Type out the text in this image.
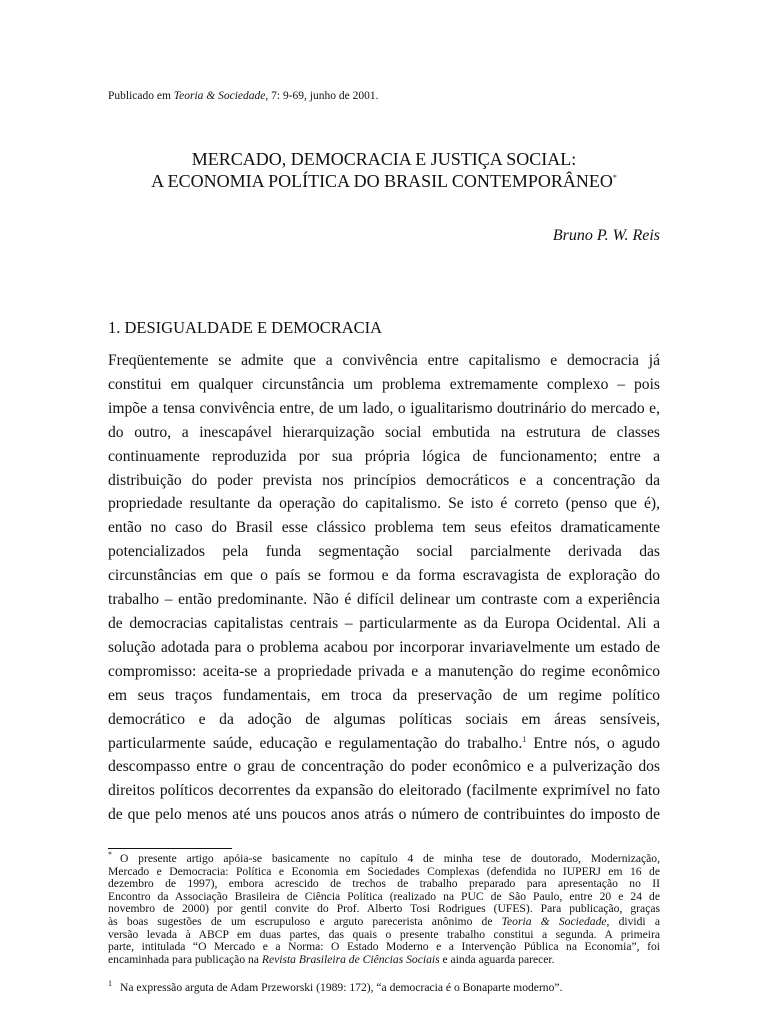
Publicado em Teoria & Sociedade, 7: 9-69, junho de 2001.
MERCADO, DEMOCRACIA E JUSTIÇA SOCIAL:
A ECONOMIA POLÍTICA DO BRASIL CONTEMPORÂNEO*
Bruno P. W. Reis
1. DESIGUALDADE E DEMOCRACIA
Freqüentemente se admite que a convivência entre capitalismo e democracia já
constitui em qualquer circunstância um problema extremamente complexo – pois
impõe a tensa convivência entre, de um lado, o igualitarismo doutrinário do mercado e,
do outro, a inescapável hierarquização social embutida na estrutura de classes
continuamente reproduzida por sua própria lógica de funcionamento; entre a
distribuição do poder prevista nos princípios democráticos e a concentração da
propriedade resultante da operação do capitalismo. Se isto é correto (penso que é),
então no caso do Brasil esse clássico problema tem seus efeitos dramaticamente
potencializados pela funda segmentação social parcialmente derivada das
circunstâncias em que o país se formou e da forma escravagista de exploração do
trabalho – então predominante. Não é difícil delinear um contraste com a experiência
de democracias capitalistas centrais – particularmente as da Europa Ocidental. Ali a
solução adotada para o problema acabou por incorporar invariavelmente um estado de
compromisso: aceita-se a propriedade privada e a manutenção do regime econômico
em seus traços fundamentais, em troca da preservação de um regime político
democrático e da adoção de algumas políticas sociais em áreas sensíveis,
particularmente saúde, educação e regulamentação do trabalho.$^1$ Entre nós, o agudo
descompasso entre o grau de concentração do poder econômico e a pulverização dos
direitos políticos decorrentes da expansão do eleitorado (facilmente exprimível no fato
de que pelo menos até uns poucos anos atrás o número de contribuintes do imposto de
* O presente artigo apóia-se basicamente no capítulo 4 de minha tese de doutorado, Modernização,
Mercado e Democracia: Política e Economia em Sociedades Complexas (defendida no IUPERJ em 16 de
dezembro de 1997), embora acrescido de trechos de trabalho preparado para apresentação no II
Encontro da Associação Brasileira de Ciência Política (realizado na PUC de São Paulo, entre 20 e 24 de
novembro de 2000) por gentil convite do Prof. Alberto Tosi Rodrigues (UFES). Para publicação, graças
às boas sugestões de um escrupuloso e arguto parecerista anônimo de Teoria & Sociedade, dividi a
versão levada à ABCP em duas partes, das quais o presente trabalho constitui a segunda. A primeira
parte, intitulada “O Mercado e a Norma: O Estado Moderno e a Intervenção Pública na Economia”, foi
encaminhada para publicação na Revista Brasileira de Ciências Sociais e ainda aguarda parecer.
$^1$ Na expressão arguta de Adam Przeworski (1989: 172), “a democracia é o Bonaparte moderno”.
